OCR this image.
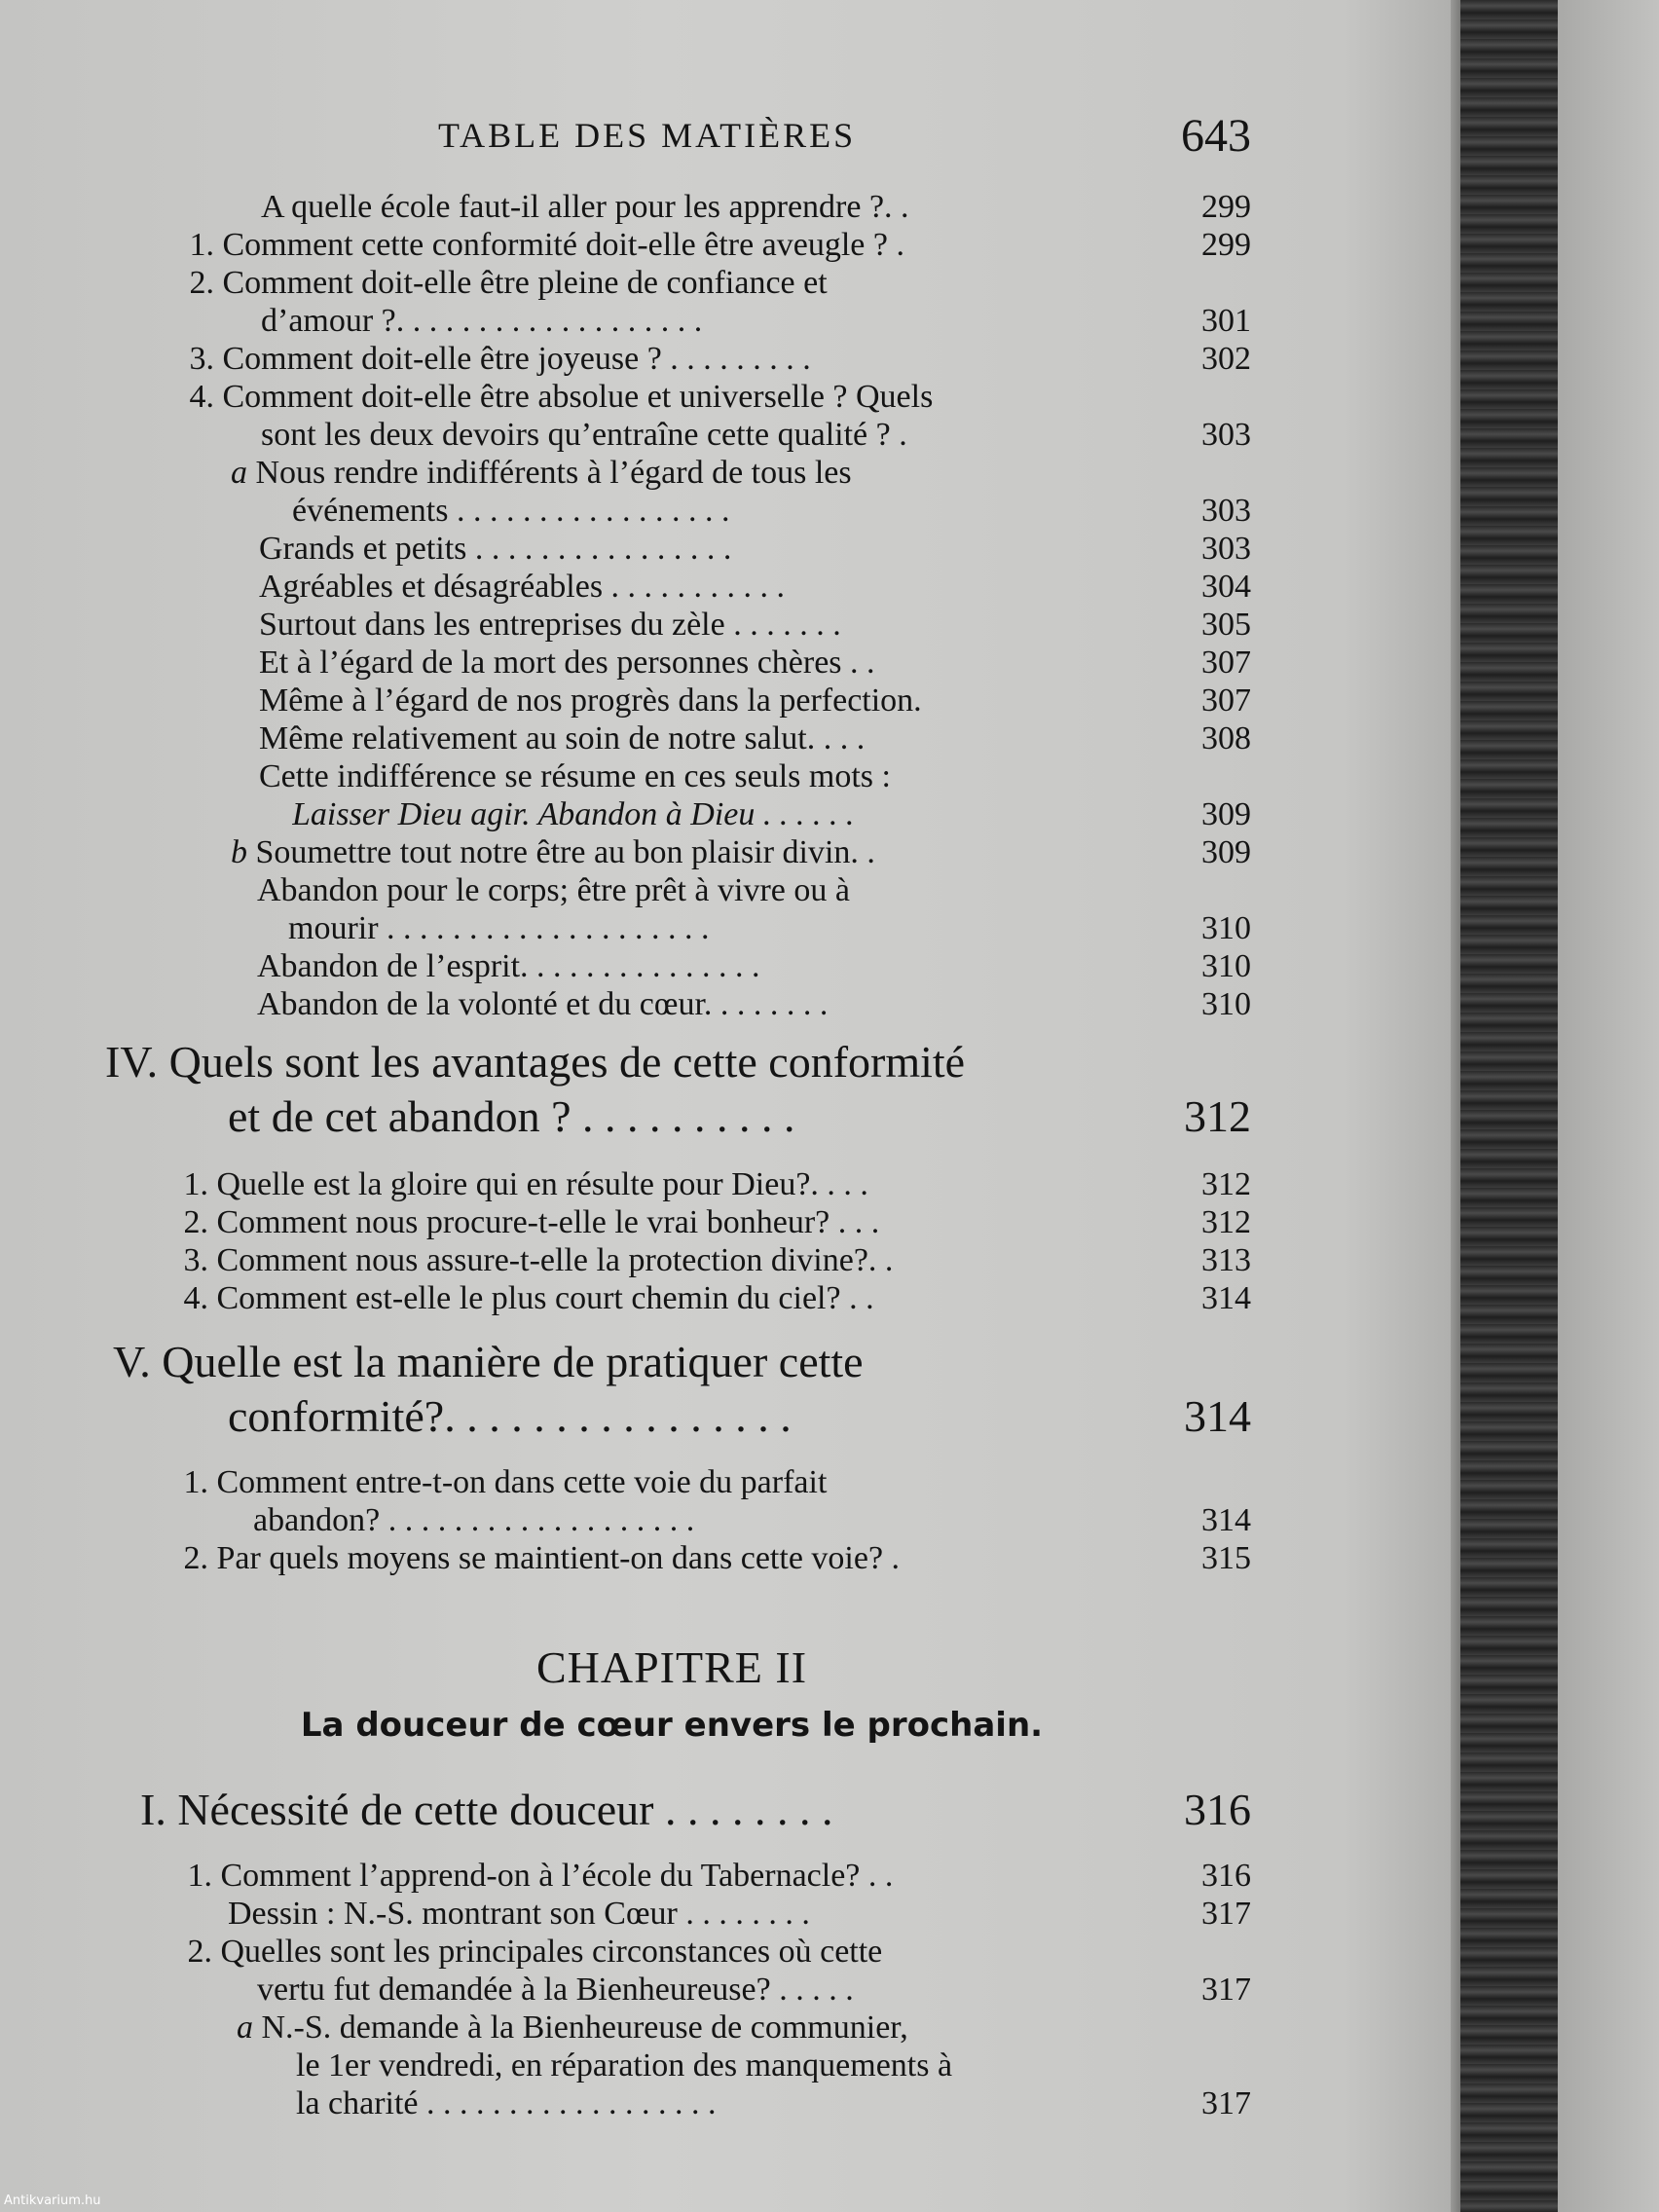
TABLE DES MATIÈRES	643
A quelle école faut-il aller pour les apprendre ?. .	299
1. Comment cette conformité doit-elle être aveugle ? .	299
2. Comment doit-elle être pleine de confiance et
d’amour ?. . . . . . . . . . . . . . . . . . .	301
3. Comment doit-elle être joyeuse ? . . . . . . . . .	302
4. Comment doit-elle être absolue et universelle ? Quels
sont les deux devoirs qu’entraîne cette qualité ? .	303
a Nous rendre indifférents à l’égard de tous les
événements . . . . . . . . . . . . . . . . .	303
Grands et petits . . . . . . . . . . . . . . . .	303
Agréables et désagréables . . . . . . . . . . .	304
Surtout dans les entreprises du zèle . . . . . . .	305
Et à l’égard de la mort des personnes chères . .	307
Même à l’égard de nos progrès dans la perfection.	307
Même relativement au soin de notre salut. . . .	308
Cette indifférence se résume en ces seuls mots :
Laisser Dieu agir. Abandon à Dieu . . . . . .	309
b Soumettre tout notre être au bon plaisir divin. .	309
Abandon pour le corps; être prêt à vivre ou à
mourir . . . . . . . . . . . . . . . . . . . .	310
Abandon de l’esprit. . . . . . . . . . . . . . .	310
Abandon de la volonté et du cœur. . . . . . . .	310
IV. Quels sont les avantages de cette conformité
et de cet abandon ? . . . . . . . . . .	312
1. Quelle est la gloire qui en résulte pour Dieu?. . . .	312
2. Comment nous procure-t-elle le vrai bonheur? . . .	312
3. Comment nous assure-t-elle la protection divine?. .	313
4. Comment est-elle le plus court chemin du ciel? . .	314
V. Quelle est la manière de pratiquer cette
conformité?. . . . . . . . . . . . . . . .	314
1. Comment entre-t-on dans cette voie du parfait
abandon? . . . . . . . . . . . . . . . . . . .	314
2. Par quels moyens se maintient-on dans cette voie? .	315
CHAPITRE II
La douceur de cœur envers le prochain.
I. Nécessité de cette douceur . . . . . . . .	316
1. Comment l’apprend-on à l’école du Tabernacle? . .	316
Dessin : N.-S. montrant son Cœur . . . . . . . .	317
2. Quelles sont les principales circonstances où cette
vertu fut demandée à la Bienheureuse? . . . . .	317
a N.-S. demande à la Bienheureuse de communier,
le 1er vendredi, en réparation des manquements à
la charité . . . . . . . . . . . . . . . . . .	317
Antikvarium.hu
